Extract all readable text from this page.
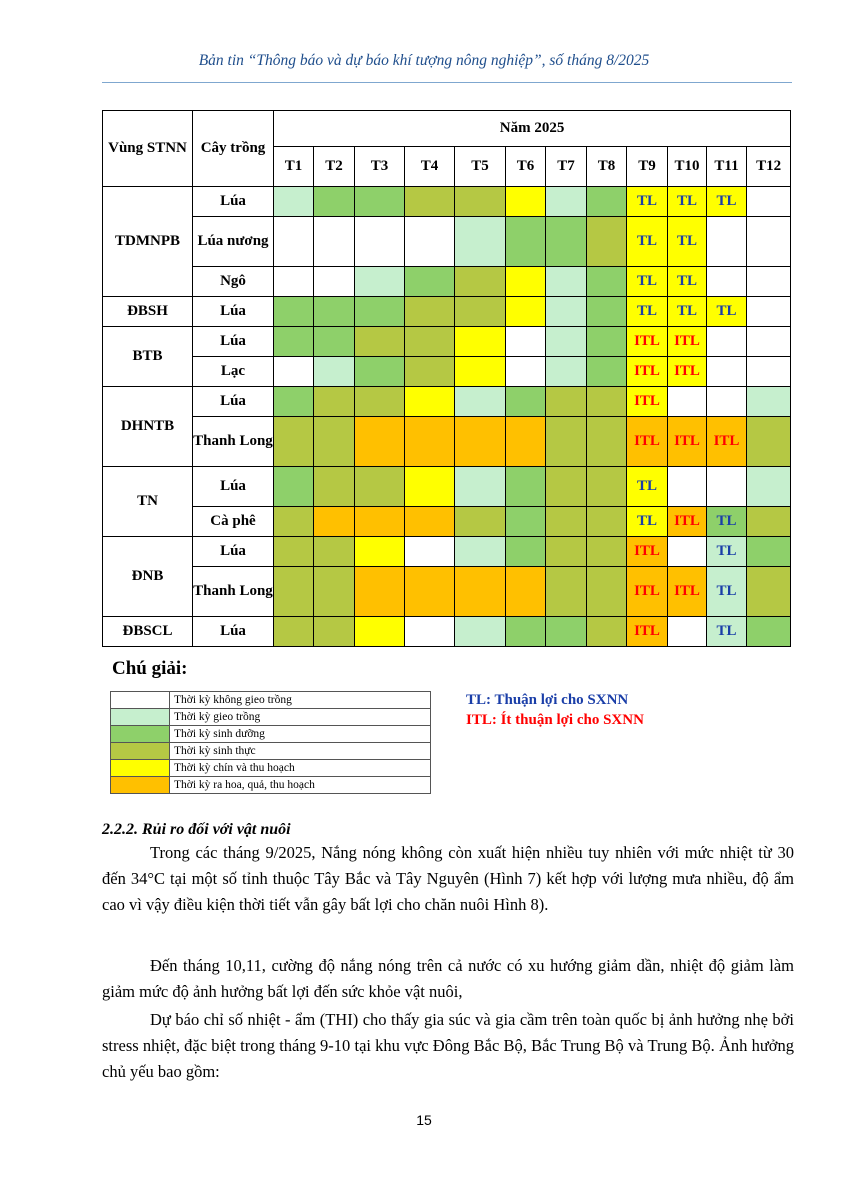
Bản tin “Thông báo và dự báo khí tượng nông nghiệp”, số tháng 8/2025
Vùng STNN	Cây trồng	Năm 2025											
		T1	T2	T3	T4	T5	T6	T7	T8	T9	T10	T11	T12
TDMNPB	Lúa									TL	TL	TL	
	Lúa nương									TL	TL		
	Ngô									TL	TL		
ĐBSH	Lúa									TL	TL	TL	
BTB	Lúa									ITL	ITL		
	Lạc									ITL	ITL		
DHNTB	Lúa									ITL			
	Thanh Long									ITL	ITL	ITL	
TN	Lúa									TL			
	Cà phê									TL	ITL	TL	
ĐNB	Lúa									ITL		TL	
	Thanh Long									ITL	ITL	TL	
ĐBSCL	Lúa									ITL		TL	
Chú giải:
	Thời kỳ không gieo trồng
	Thời kỳ gieo trồng
	Thời kỳ sinh dưỡng
	Thời kỳ sinh thực
	Thời kỳ chín và thu hoạch
	Thời kỳ ra hoa, quả, thu hoạch
TL: Thuận lợi cho SXNN
ITL: Ít thuận lợi cho SXNN
2.2.2. Rủi ro đối với vật nuôi
Trong các tháng 9/2025, Nắng nóng không còn xuất hiện nhiều tuy nhiên với mức nhiệt từ 30 đến 34°C tại một số tỉnh thuộc Tây Bắc và Tây Nguyên (Hình 7) kết hợp với lượng mưa nhiều, độ ẩm cao vì vậy điều kiện thời tiết vẫn gây bất lợi cho chăn nuôi Hình 8).
Đến tháng 10,11, cường độ nắng nóng trên cả nước có xu hướng giảm dần, nhiệt độ giảm làm giảm mức độ ảnh hưởng bất lợi đến sức khỏe vật nuôi,
Dự báo chỉ số nhiệt - ẩm (THI) cho thấy gia súc và gia cầm trên toàn quốc bị ảnh hưởng nhẹ bởi stress nhiệt, đặc biệt trong tháng 9-10 tại khu vực Đông Bắc Bộ, Bắc Trung Bộ và Trung Bộ. Ảnh hưởng chủ yếu bao gồm:
15
